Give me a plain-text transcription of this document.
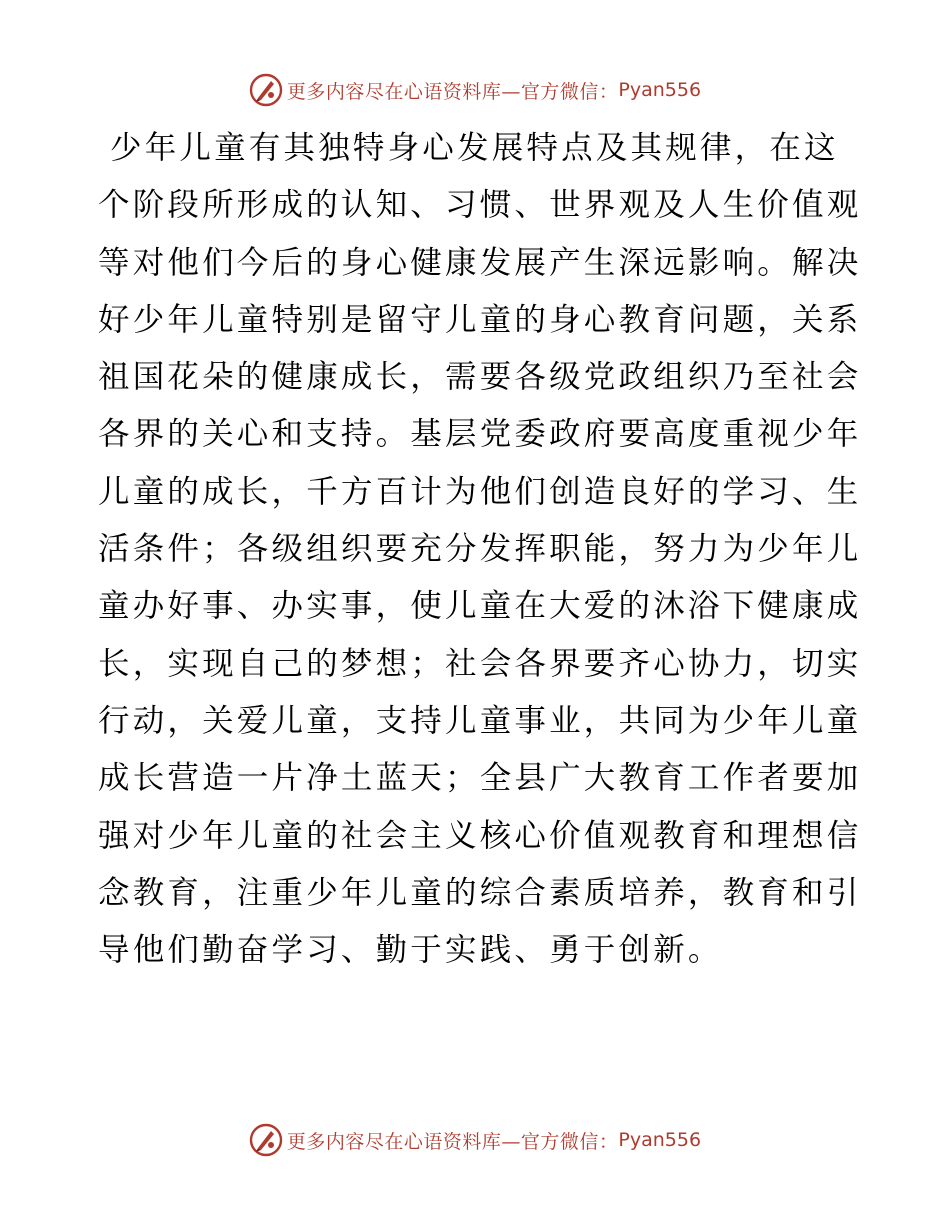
更多内容尽在心语资料库—官方微信： Pyan556
少年儿童有其独特身心发展特点及其规律，在这
个阶段所形成的认知、习惯、世界观及人生价值观
等对他们今后的身心健康发展产生深远影响。解决
好少年儿童特别是留守儿童的身心教育问题，关系
祖国花朵的健康成长，需要各级党政组织乃至社会
各界的关心和支持。基层党委政府要高度重视少年
儿童的成长，千方百计为他们创造良好的学习、生
活条件；各级组织要充分发挥职能，努力为少年儿
童办好事、办实事，使儿童在大爱的沐浴下健康成
长，实现自己的梦想；社会各界要齐心协力，切实
行动，关爱儿童，支持儿童事业，共同为少年儿童
成长营造一片净土蓝天；全县广大教育工作者要加
强对少年儿童的社会主义核心价值观教育和理想信
念教育，注重少年儿童的综合素质培养，教育和引
导他们勤奋学习、勤于实践、勇于创新。
更多内容尽在心语资料库—官方微信： Pyan556
